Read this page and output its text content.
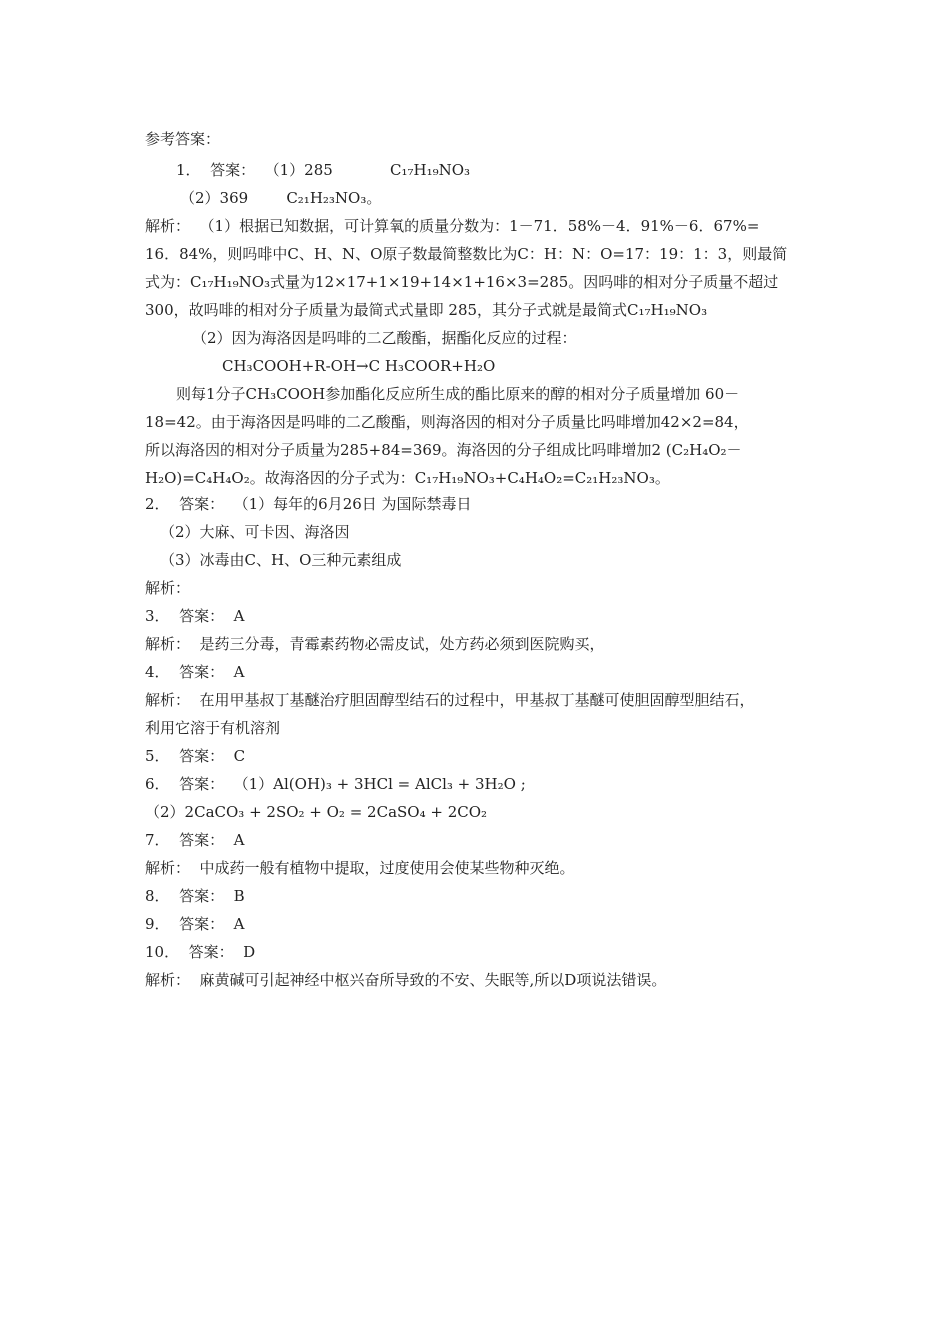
参考答案：
1．  答案：  （1）285            C₁₇H₁₉NO₃
（2）369        C₂₁H₂₃NO₃。
解析：  （1）根据已知数据，可计算氧的质量分数为：1－71．58%－4．91%－6．67%=
16．84%，则吗啡中C、H、N、O原子数最简整数比为C：H：N：O=17：19：1：3，则最简
式为：C₁₇H₁₉NO₃式量为12×17+1×19+14×1+16×3=285。因吗啡的相对分子质量不超过
300，故吗啡的相对分子质量为最简式式量即 285，其分子式就是最简式C₁₇H₁₉NO₃
（2）因为海洛因是吗啡的二乙酸酯，据酯化反应的过程：
CH₃COOH+R-OH→C H₃COOR+H₂O
则每1分子CH₃COOH参加酯化反应所生成的酯比原来的醇的相对分子质量增加 60－
18=42。由于海洛因是吗啡的二乙酸酯，则海洛因的相对分子质量比吗啡增加42×2=84，
所以海洛因的相对分子质量为285+84=369。海洛因的分子组成比吗啡增加2 (C₂H₄O₂－
H₂O)=C₄H₄O₂。故海洛因的分子式为：C₁₇H₁₉NO₃+C₄H₄O₂=C₂₁H₂₃NO₃。
2．  答案：  （1）每年的6月26日 为国际禁毒日
（2）大麻、可卡因、海洛因
（3）冰毒由C、H、O三种元素组成
解析：
3．  答案：  A
解析：  是药三分毒，青霉素药物必需皮试，处方药必须到医院购买，
4．  答案：  A
解析：  在用甲基叔丁基醚治疗胆固醇型结石的过程中，甲基叔丁基醚可使胆固醇型胆结石，
利用它溶于有机溶剂
5．  答案：  C
6．  答案：  （1）Al(OH)₃ + 3HCl = AlCl₃ + 3H₂O ;
（2）2CaCO₃ + 2SO₂ + O₂ = 2CaSO₄ + 2CO₂
7．  答案：  A
解析：  中成药一般有植物中提取，过度使用会使某些物种灭绝。
8．  答案：  B
9．  答案：  A
10．  答案：  D
解析：  麻黄碱可引起神经中枢兴奋所导致的不安、失眠等,所以D项说法错误。
